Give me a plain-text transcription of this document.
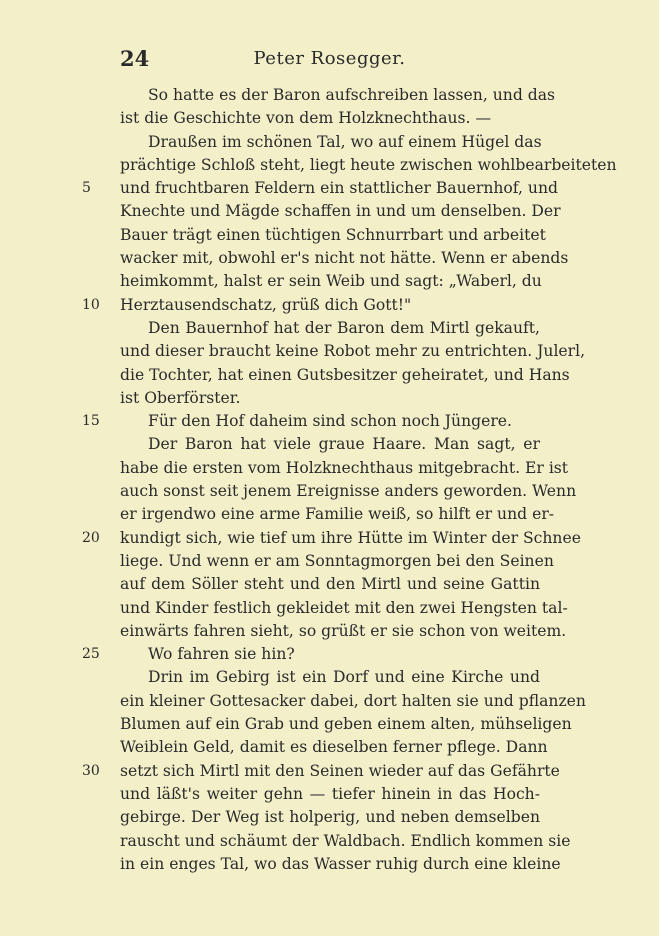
24	Peter Rosegger.
So hatte es der Baron aufschreiben lassen, und das
ist die Geschichte von dem Holzknechthaus. —
Draußen im schönen Tal, wo auf einem Hügel das
prächtige Schloß steht, liegt heute zwischen wohlbearbeiteten
5	und fruchtbaren Feldern ein stattlicher Bauernhof, und
Knechte und Mägde schaffen in und um denselben. Der
Bauer trägt einen tüchtigen Schnurrbart und arbeitet
wacker mit, obwohl er's nicht not hätte. Wenn er abends
heimkommt, halst er sein Weib und sagt: „Waberl, du
10	Herztausendschatz, grüß dich Gott!"
Den Bauernhof hat der Baron dem Mirtl gekauft,
und dieser braucht keine Robot mehr zu entrichten. Julerl,
die Tochter, hat einen Gutsbesitzer geheiratet, und Hans
ist Oberförster.
15	Für den Hof daheim sind schon noch Jüngere.
Der Baron hat viele graue Haare. Man sagt, er
habe die ersten vom Holzknechthaus mitgebracht. Er ist
auch sonst seit jenem Ereignisse anders geworden. Wenn
er irgendwo eine arme Familie weiß, so hilft er und er-
20	kundigt sich, wie tief um ihre Hütte im Winter der Schnee
liege. Und wenn er am Sonntagmorgen bei den Seinen
auf dem Söller steht und den Mirtl und seine Gattin
und Kinder festlich gekleidet mit den zwei Hengsten tal-
einwärts fahren sieht, so grüßt er sie schon von weitem.
25	Wo fahren sie hin?
Drin im Gebirg ist ein Dorf und eine Kirche und
ein kleiner Gottesacker dabei, dort halten sie und pflanzen
Blumen auf ein Grab und geben einem alten, mühseligen
Weiblein Geld, damit es dieselben ferner pflege. Dann
30	setzt sich Mirtl mit den Seinen wieder auf das Gefährte
und läßt's weiter gehn — tiefer hinein in das Hoch-
gebirge. Der Weg ist holperig, und neben demselben
rauscht und schäumt der Waldbach. Endlich kommen sie
in ein enges Tal, wo das Wasser ruhig durch eine kleine
